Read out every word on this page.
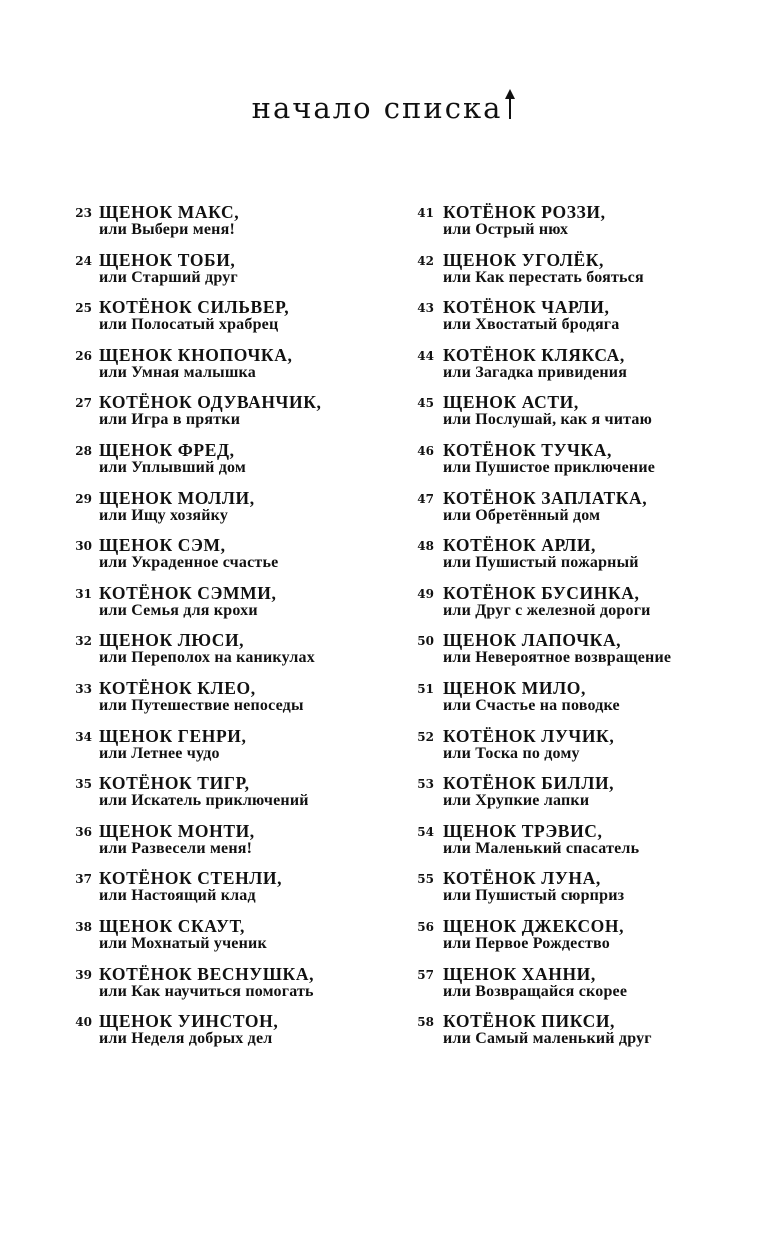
начало списка
23 ЩЕНОК МАКС,
или Выбери меня!
24 ЩЕНОК ТОБИ,
или Старший друг
25 КОТЁНОК СИЛЬВЕР,
или Полосатый храбрец
26 ЩЕНОК КНОПОЧКА,
или Умная малышка
27 КОТЁНОК ОДУВАНЧИК,
или Игра в прятки
28 ЩЕНОК ФРЕД,
или Уплывший дом
29 ЩЕНОК МОЛЛИ,
или Ищу хозяйку
30 ЩЕНОК СЭМ,
или Украденное счастье
31 КОТЁНОК СЭММИ,
или Семья для крохи
32 ЩЕНОК ЛЮСИ,
или Переполох на каникулах
33 КОТЁНОК КЛЕО,
или Путешествие непоседы
34 ЩЕНОК ГЕНРИ,
или Летнее чудо
35 КОТЁНОК ТИГР,
или Искатель приключений
36 ЩЕНОК МОНТИ,
или Развесели меня!
37 КОТЁНОК СТЕНЛИ,
или Настоящий клад
38 ЩЕНОК СКАУТ,
или Мохнатый ученик
39 КОТЁНОК ВЕСНУШКА,
или Как научиться помогать
40 ЩЕНОК УИНСТОН,
или Неделя добрых дел
41 КОТЁНОК РОЗЗИ,
или Острый нюх
42 ЩЕНОК УГОЛЁК,
или Как перестать бояться
43 КОТЁНОК ЧАРЛИ,
или Хвостатый бродяга
44 КОТЁНОК КЛЯКСА,
или Загадка привидения
45 ЩЕНОК АСТИ,
или Послушай, как я читаю
46 КОТЁНОК ТУЧКА,
или Пушистое приключение
47 КОТЁНОК ЗАПЛАТКА,
или Обретённый дом
48 КОТЁНОК АРЛИ,
или Пушистый пожарный
49 КОТЁНОК БУСИНКА,
или Друг с железной дороги
50 ЩЕНОК ЛАПОЧКА,
или Невероятное возвращение
51 ЩЕНОК МИЛО,
или Счастье на поводке
52 КОТЁНОК ЛУЧИК,
или Тоска по дому
53 КОТЁНОК БИЛЛИ,
или Хрупкие лапки
54 ЩЕНОК ТРЭВИС,
или Маленький спасатель
55 КОТЁНОК ЛУНА,
или Пушистый сюрприз
56 ЩЕНОК ДЖЕКСОН,
или Первое Рождество
57 ЩЕНОК ХАННИ,
или Возвращайся скорее
58 КОТЁНОК ПИКСИ,
или Самый маленький друг
